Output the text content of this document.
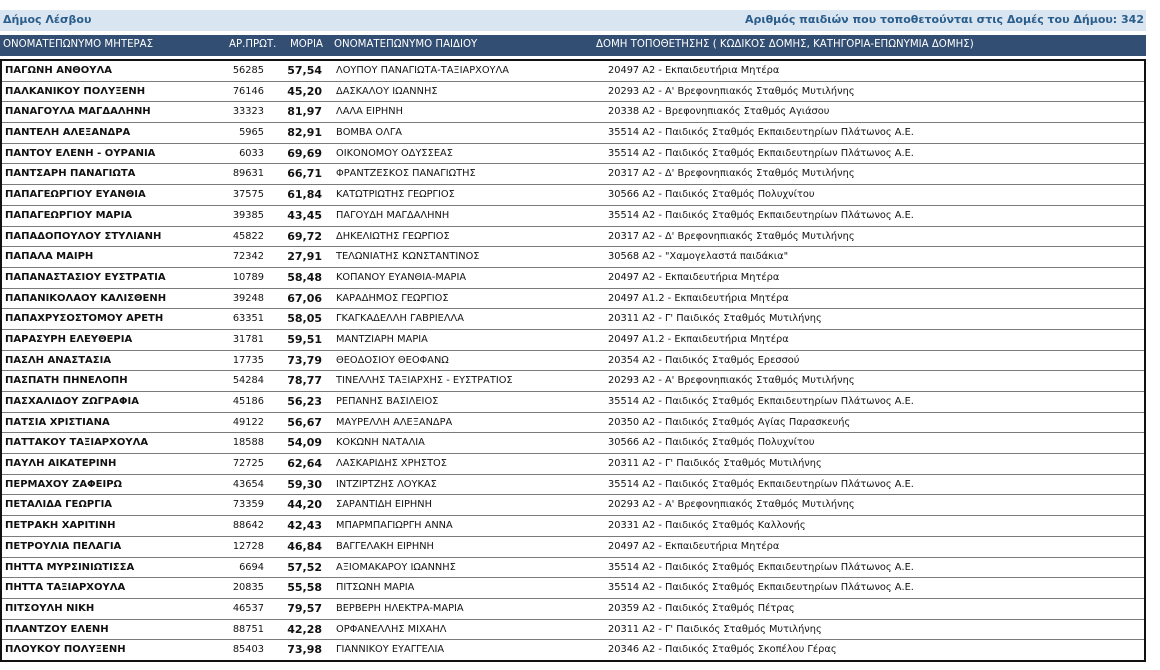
Δήμος Λέσβου	Αριθμός παιδιών που τοποθετούνται στις Δομές του Δήμου: 342
ΟΝΟΜΑΤΕΠΩΝΥΜΟ ΜΗΤΕΡΑΣ	ΑΡ.ΠΡΩΤ. ΜΟΡΙΑ ΟΝΟΜΑΤΕΠΩΝΥΜΟ ΠΑΙΔΙΟΥ	ΔΟΜΗ ΤΟΠΟΘΕΤΗΣΗΣ ( ΚΩΔΙΚΟΣ ΔΟΜΗΣ, ΚΑΤΗΓΟΡΙΑ-ΕΠΩΝΥΜΙΑ ΔΟΜΗΣ)
ΠΑΓΩΝΗ ΑΝΘΟΥΛΑ	56285	57,54 ΛΟΥΠΟΥ ΠΑΝΑΓΙΩΤΑ-ΤΑΞΙΑΡΧΟΥΛΑ	20497 Α2 - Εκπαιδευτήρια Μητέρα
ΠΑΛΚΑΝΙΚΟΥ ΠΟΛΥΞΕΝΗ	76146	45,20 ΔΑΣΚΑΛΟΥ ΙΩΑΝΝΗΣ	20293 Α2 - Α' Βρεφονηπιακός Σταθμός Μυτιλήνης
ΠΑΝΑΓΟΥΛΑ ΜΑΓΔΑΛΗΝΗ	33323	81,97 ΛΑΛΑ ΕΙΡΗΝΗ	20338 Α2 - Βρεφονηπιακός Σταθμός Αγιάσου
ΠΑΝΤΕΛΗ ΑΛΕΞΑΝΔΡΑ	5965	82,91 ΒΟΜΒΑ ΟΛΓΑ	35514 Α2 - Παιδικός Σταθμός Εκπαιδευτηρίων Πλάτωνος Α.Ε.
ΠΑΝΤΟΥ ΕΛΕΝΗ - ΟΥΡΑΝΙΑ	6033	69,69 ΟΙΚΟΝΟΜΟΥ ΟΔΥΣΣΕΑΣ	35514 Α2 - Παιδικός Σταθμός Εκπαιδευτηρίων Πλάτωνος Α.Ε.
ΠΑΝΤΣΑΡΗ ΠΑΝΑΓΙΩΤΑ	89631	66,71 ΦΡΑΝΤΖΕΣΚΟΣ ΠΑΝΑΓΙΩΤΗΣ	20317 Α2 - Δ' Βρεφονηπιακός Σταθμός Μυτιλήνης
ΠΑΠΑΓΕΩΡΓΙΟΥ ΕΥΑΝΘΙΑ	37575	61,84 ΚΑΤΩΤΡΙΩΤΗΣ ΓΕΩΡΓΙΟΣ	30566 Α2 - Παιδικός Σταθμός Πολυχνίτου
ΠΑΠΑΓΕΩΡΓΙΟΥ ΜΑΡΙΑ	39385	43,45 ΠΑΓΟΥΔΗ ΜΑΓΔΑΛΗΝΗ	35514 Α2 - Παιδικός Σταθμός Εκπαιδευτηρίων Πλάτωνος Α.Ε.
ΠΑΠΑΔΟΠΟΥΛΟΥ ΣΤΥΛΙΑΝΗ	45822	69,72 ΔΗΚΕΛΙΩΤΗΣ ΓΕΩΡΓΙΟΣ	20317 Α2 - Δ' Βρεφονηπιακός Σταθμός Μυτιλήνης
ΠΑΠΑΛΑ ΜΑΙΡΗ	72342	27,91 ΤΕΛΩΝΙΑΤΗΣ ΚΩΝΣΤΑΝΤΙΝΟΣ	30568 Α2 - "Χαμογελαστά παιδάκια"
ΠΑΠΑΝΑΣΤΑΣΙΟΥ ΕΥΣΤΡΑΤΙΑ	10789	58,48 ΚΟΠΑΝΟΥ ΕΥΑΝΘΙΑ-ΜΑΡΙΑ	20497 Α2 - Εκπαιδευτήρια Μητέρα
ΠΑΠΑΝΙΚΟΛΑΟΥ ΚΑΛΙΣΘΕΝΗ	39248	67,06 ΚΑΡΑΔΗΜΟΣ ΓΕΩΡΓΙΟΣ	20497 Α1.2 - Εκπαιδευτήρια Μητέρα
ΠΑΠΑΧΡΥΣΟΣΤΟΜΟΥ ΑΡΕΤΗ	63351	58,05 ΓΚΑΓΚΑΔΕΛΛΗ ΓΑΒΡΙΕΛΛΑ	20311 Α2 - Γ' Παιδικός Σταθμός Μυτιλήνης
ΠΑΡΑΣΥΡΗ ΕΛΕΥΘΕΡΙΑ	31781	59,51 ΜΑΝΤΖΙΑΡΗ ΜΑΡΙΑ	20497 Α1.2 - Εκπαιδευτήρια Μητέρα
ΠΑΣΛΗ ΑΝΑΣΤΑΣΙΑ	17735	73,79 ΘΕΟΔΟΣΙΟΥ ΘΕΟΦΑΝΩ	20354 Α2 - Παιδικός Σταθμός Ερεσσού
ΠΑΣΠΑΤΗ ΠΗΝΕΛΟΠΗ	54284	78,77 ΤΙΝΕΛΛΗΣ ΤΑΞΙΑΡΧΗΣ - ΕΥΣΤΡΑΤΙΟΣ	20293 Α2 - Α' Βρεφονηπιακός Σταθμός Μυτιλήνης
ΠΑΣΧΑΛΙΔΟΥ ΖΩΓΡΑΦΙΑ	45186	56,23 ΡΕΠΑΝΗΣ ΒΑΣΙΛΕΙΟΣ	35514 Α2 - Παιδικός Σταθμός Εκπαιδευτηρίων Πλάτωνος Α.Ε.
ΠΑΤΣΙΑ ΧΡΙΣΤΙΑΝΑ	49122	56,67 ΜΑΥΡΕΛΛΗ ΑΛΕΞΑΝΔΡΑ	20350 Α2 - Παιδικός Σταθμός Αγίας Παρασκευής
ΠΑΤΤΑΚΟΥ ΤΑΞΙΑΡΧΟΥΛΑ	18588	54,09 ΚΟΚΩΝΗ ΝΑΤΑΛΙΑ	30566 Α2 - Παιδικός Σταθμός Πολυχνίτου
ΠΑΥΛΗ ΑΙΚΑΤΕΡΙΝΗ	72725	62,64 ΛΑΣΚΑΡΙΔΗΣ ΧΡΗΣΤΟΣ	20311 Α2 - Γ' Παιδικός Σταθμός Μυτιλήνης
ΠΕΡΜΑΧΟΥ ΖΑΦΕΙΡΩ	43654	59,30 ΙΝΤΖΙΡΤΖΗΣ ΛΟΥΚΑΣ	35514 Α2 - Παιδικός Σταθμός Εκπαιδευτηρίων Πλάτωνος Α.Ε.
ΠΕΤΑΛΙΔΑ ΓΕΩΡΓΙΑ	73359	44,20 ΣΑΡΑΝΤΙΔΗ ΕΙΡΗΝΗ	20293 Α2 - Α' Βρεφονηπιακός Σταθμός Μυτιλήνης
ΠΕΤΡΑΚΗ ΧΑΡΙΤΙΝΗ	88642	42,43 ΜΠΑΡΜΠΑΓΙΩΡΓΗ ΑΝΝΑ	20331 Α2 - Παιδικός Σταθμός Καλλονής
ΠΕΤΡΟΥΛΙΑ ΠΕΛΑΓΙΑ	12728	46,84 ΒΑΓΓΕΛΑΚΗ ΕΙΡΗΝΗ	20497 Α2 - Εκπαιδευτήρια Μητέρα
ΠΗΤΤΑ ΜΥΡΣΙΝΙΩΤΙΣΣΑ	6694	57,52 ΑΞΙΟΜΑΚΑΡΟΥ ΙΩΑΝΝΗΣ	35514 Α2 - Παιδικός Σταθμός Εκπαιδευτηρίων Πλάτωνος Α.Ε.
ΠΗΤΤΑ ΤΑΞΙΑΡΧΟΥΛΑ	20835	55,58 ΠΙΤΣΩΝΗ ΜΑΡΙΑ	35514 Α2 - Παιδικός Σταθμός Εκπαιδευτηρίων Πλάτωνος Α.Ε.
ΠΙΤΣΟΥΛΗ ΝΙΚΗ	46537	79,57 ΒΕΡΒΕΡΗ ΗΛΕΚΤΡΑ-ΜΑΡΙΑ	20359 Α2 - Παιδικός Σταθμός Πέτρας
ΠΛΑΝΤΖΟΥ ΕΛΕΝΗ	88751	42,28 ΟΡΦΑΝΕΛΛΗΣ ΜΙΧΑΗΛ	20311 Α2 - Γ' Παιδικός Σταθμός Μυτιλήνης
ΠΛΟΥΚΟΥ ΠΟΛΥΞΕΝΗ	85403	73,98 ΓΙΑΝΝΙΚΟΥ ΕΥΑΓΓΕΛΙΑ	20346 Α2 - Παιδικός Σταθμός Σκοπέλου Γέρας
